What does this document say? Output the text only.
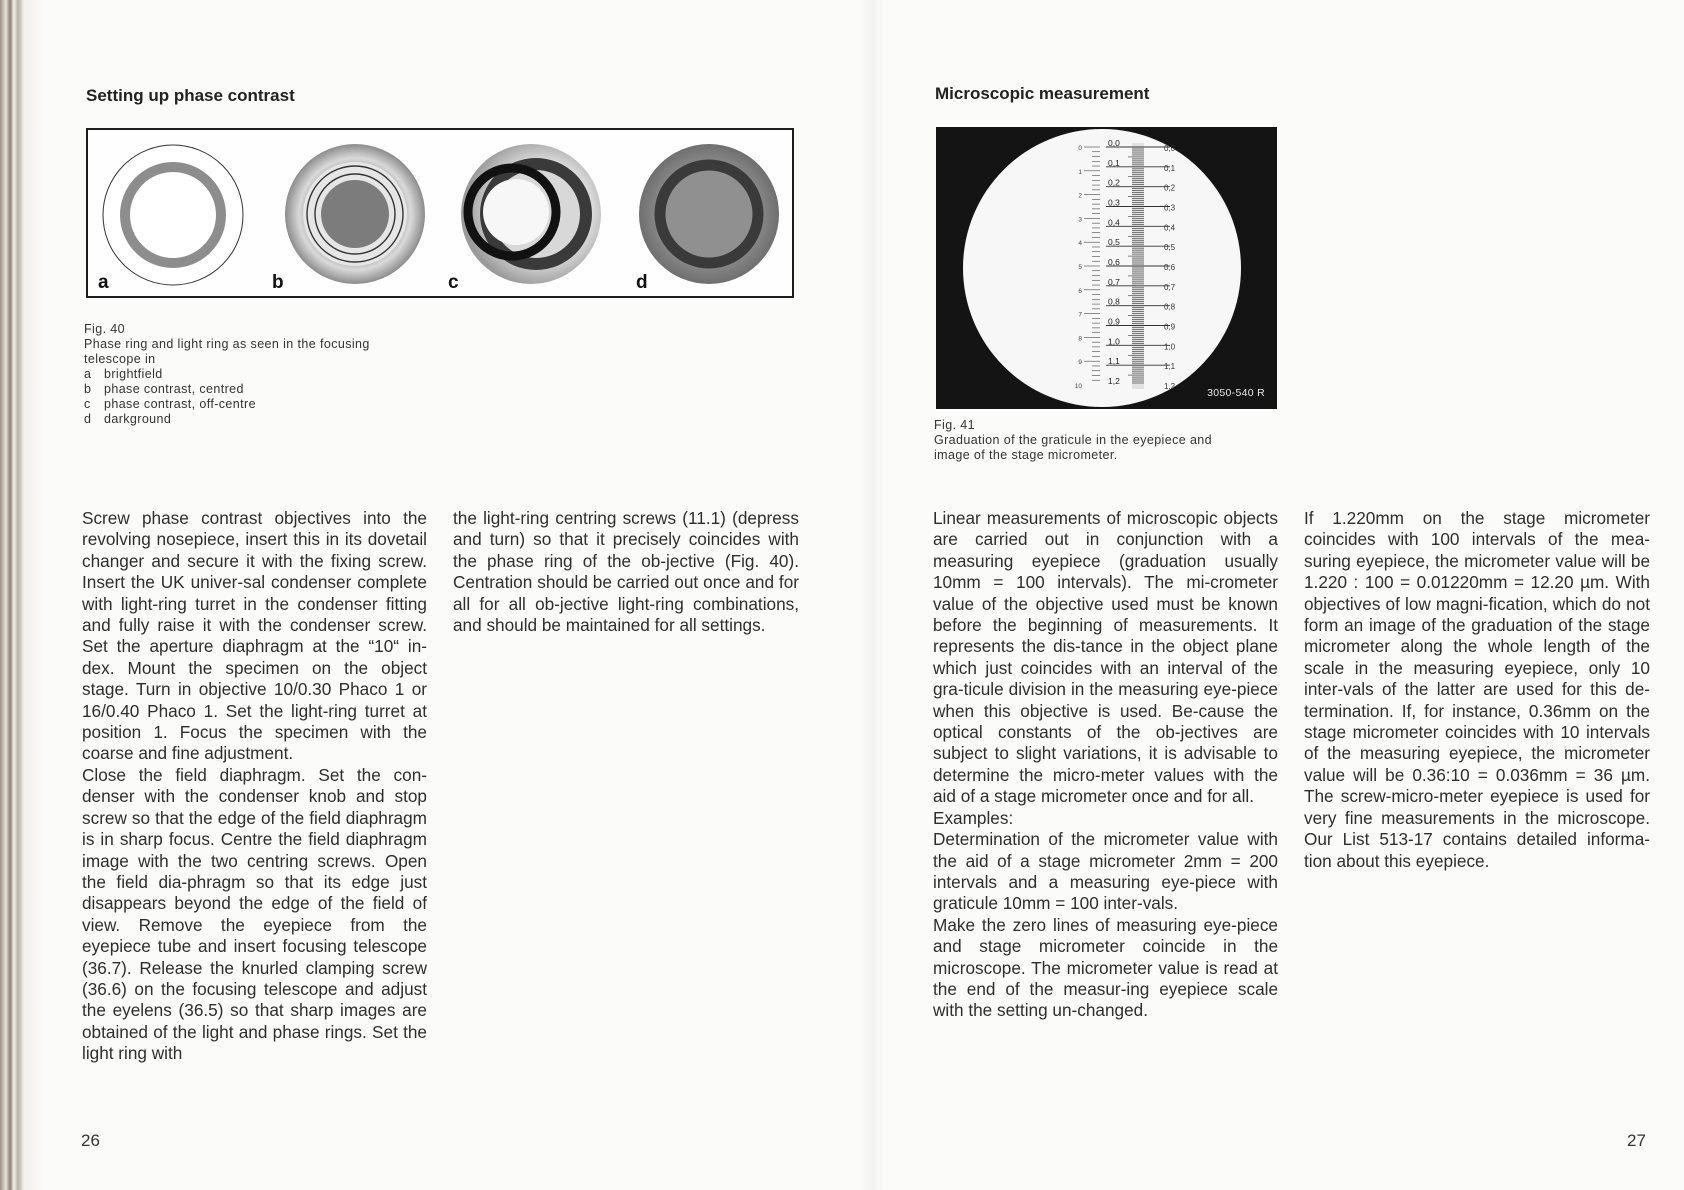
Setting up phase contrast
a	b	c	d
Fig. 40
Phase ring and light ring as seen in the focusing
telescope in
a brightfield
b phase contrast, centred
c phase contrast, off-centre
d darkground

Screw phase contrast objectives into the revolving nosepiece, insert this in its dovetail changer and secure it with the fixing screw. Insert the UK univer-sal condenser complete with light-ring turret in the condenser fitting and fully raise it with the condenser screw. Set the aperture diaphragm at the “10“ in-dex. Mount the specimen on the object stage. Turn in objective 10/0.30 Phaco 1 or 16/0.40 Phaco 1. Set the light-ring turret at position 1. Focus the specimen with the coarse and fine adjustment.

Close the field diaphragm. Set the con-denser with the condenser knob and stop screw so that the edge of the field diaphragm is in sharp focus. Centre the field diaphragm image with the two centring screws. Open the field dia-phragm so that its edge just disappears beyond the edge of the field of view. Remove the eyepiece from the eyepiece tube and insert focusing telescope (36.7). Release the knurled clamping screw (36.6) on the focusing telescope and adjust the eyelens (36.5) so that sharp images are obtained of the light and phase rings. Set the light ring with

the light-ring centring screws (11.1) (depress and turn) so that it precisely coincides with the phase ring of the ob-jective (Fig. 40). Centration should be carried out once and for all for all ob-jective light-ring combinations, and should be maintained for all settings.

26
Microscopic measurement
27
0,0
0,1
0,2
0,3
0,4
0,5
0,6
0,7
0,8
0,9
1,0
1,1
1,2
0,0
0,1
0,2
0,3
0,4
0,5
0,6
0,7
0,8
0,9
1,0
1,1
1,2
0
1
2
3
4
5
6
7
8
9
10
3050-540 R
Fig. 41
Graduation of the graticule in the eyepiece and
image of the stage micrometer.

Linear measurements of microscopic objects are carried out in conjunction with a measuring eyepiece (graduation usually 10mm = 100 intervals). The mi-crometer value of the objective used must be known before the beginning of measurements. It represents the dis-tance in the object plane which just coincides with an interval of the gra-ticule division in the measuring eye-piece when this objective is used. Be-cause the optical constants of the ob-jectives are subject to slight variations, it is advisable to determine the micro-meter values with the aid of a stage micrometer once and for all.

Examples:

Determination of the micrometer value with the aid of a stage micrometer 2mm = 200 intervals and a measuring eye-piece with graticule 10mm = 100 inter-vals.

Make the zero lines of measuring eye-piece and stage micrometer coincide in the microscope. The micrometer value is read at the end of the measur-ing eyepiece scale with the setting un-changed.

If 1.220mm on the stage micrometer coincides with 100 intervals of the mea-suring eyepiece, the micrometer value will be 1.220 : 100 = 0.01220mm = 12.20 µm. With objectives of low magni-fication, which do not form an image of the graduation of the stage micrometer along the whole length of the scale in the measuring eyepiece, only 10 inter-vals of the latter are used for this de-termination. If, for instance, 0.36mm on the stage micrometer coincides with 10 intervals of the measuring eyepiece, the micrometer value will be 0.36:10 = 0.036mm = 36 µm. The screw-micro-meter eyepiece is used for very fine measurements in the microscope. Our List 513-17 contains detailed informa-tion about this eyepiece.
